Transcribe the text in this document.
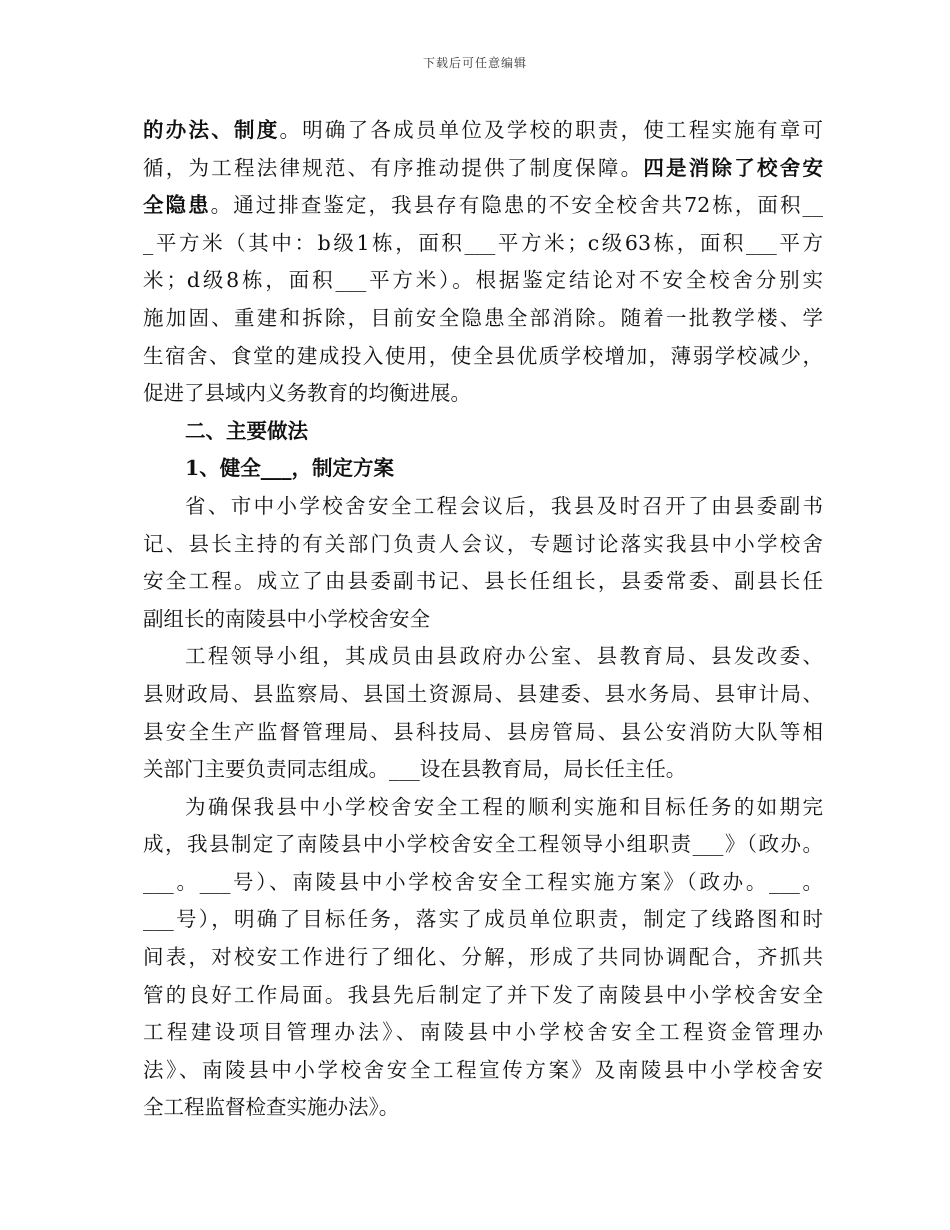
下载后可任意编辑
的办法、制度。明确了各成员单位及学校的职责，使工程实施有章可
循，为工程法律规范、有序推动提供了制度保障。四是消除了校舍安
全隐患。通过排查鉴定，我县存有隐患的不安全校舍共72栋，面积__
_平方米（其中：b级1栋，面积___平方米；c级63栋，面积___平方
米；d级8栋，面积___平方米）。根据鉴定结论对不安全校舍分别实
施加固、重建和拆除，目前安全隐患全部消除。随着一批教学楼、学
生宿舍、食堂的建成投入使用，使全县优质学校增加，薄弱学校减少，
促进了县域内义务教育的均衡进展。
二、主要做法
1、健全___，制定方案
省、市中小学校舍安全工程会议后，我县及时召开了由县委副书
记、县长主持的有关部门负责人会议，专题讨论落实我县中小学校舍
安全工程。成立了由县委副书记、县长任组长，县委常委、副县长任
副组长的南陵县中小学校舍安全
工程领导小组，其成员由县政府办公室、县教育局、县发改委、
县财政局、县监察局、县国土资源局、县建委、县水务局、县审计局、
县安全生产监督管理局、县科技局、县房管局、县公安消防大队等相
关部门主要负责同志组成。___设在县教育局，局长任主任。
为确保我县中小学校舍安全工程的顺利实施和目标任务的如期完
成，我县制定了南陵县中小学校舍安全工程领导小组职责___》（政办。
___。___号）、南陵县中小学校舍安全工程实施方案》（政办。___。
___号），明确了目标任务，落实了成员单位职责，制定了线路图和时
间表，对校安工作进行了细化、分解，形成了共同协调配合，齐抓共
管的良好工作局面。我县先后制定了并下发了南陵县中小学校舍安全
工程建设项目管理办法》、南陵县中小学校舍安全工程资金管理办
法》、南陵县中小学校舍安全工程宣传方案》及南陵县中小学校舍安
全工程监督检查实施办法》。
